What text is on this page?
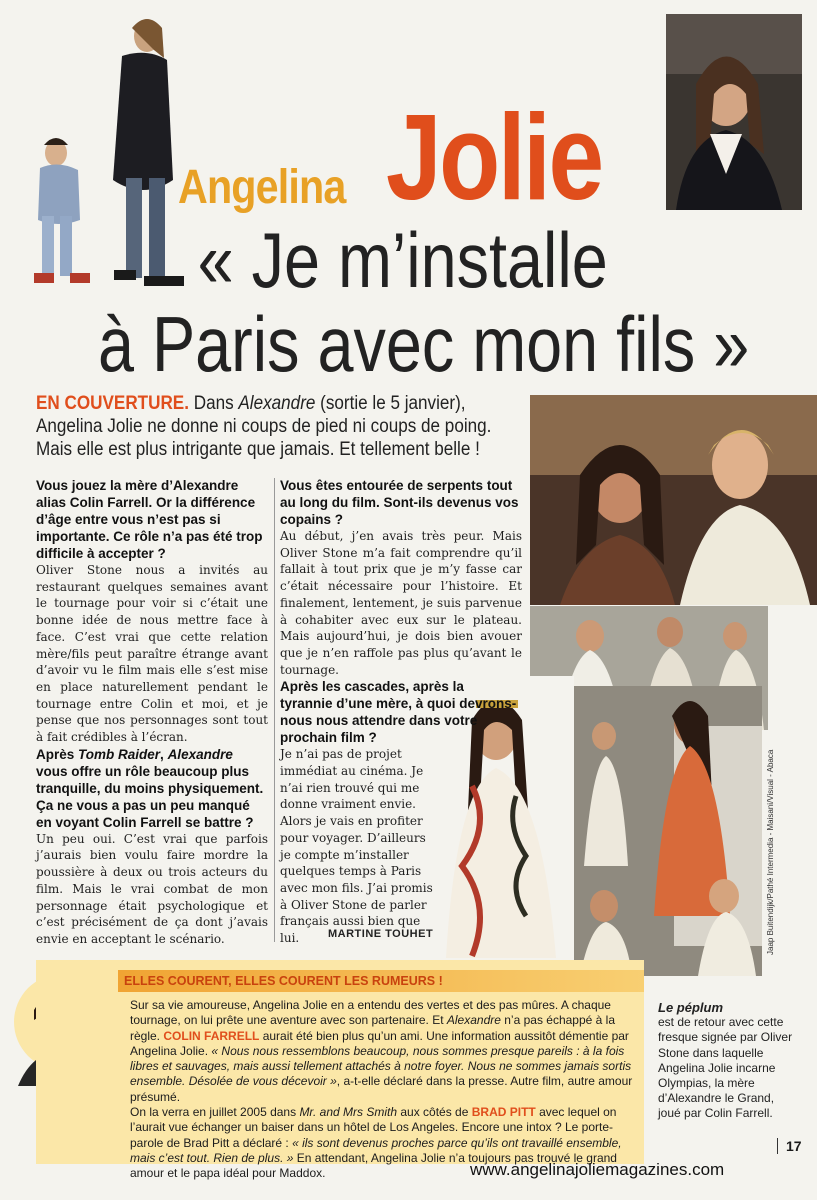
Angelina Jolie
« Je m’installe
à Paris avec mon fils »
EN COUVERTURE. Dans Alexandre (sortie le 5 janvier), Angelina Jolie ne donne ni coups de pied ni coups de poing. Mais elle est plus intrigante que jamais. Et tellement belle !

Vous jouez la mère d’Alexandre alias Colin Farrell. Or la différence d’âge entre vous n’est pas si importante. Ce rôle n’a pas été trop difficile à accepter ?

Oliver Stone nous a invités au restaurant quelques semaines avant le tournage pour voir si c’était une bonne idée de nous mettre face à face. C’est vrai que cette relation mère/fils peut paraître étrange avant d’avoir vu le film mais elle s’est mise en place naturellement pendant le tournage entre Colin et moi, et je pense que nos personnages sont tout à fait crédibles à l’écran.

Après Tomb Raider, Alexandre vous offre un rôle beaucoup plus tranquille, du moins physiquement. Ça ne vous a pas un peu manqué en voyant Colin Farrell se battre ?

Un peu oui. C’est vrai que parfois j’aurais bien voulu faire mordre la poussière à deux ou trois acteurs du film. Mais le vrai combat de mon personnage était psychologique et c’est précisément de ça dont j’avais envie en acceptant le scénario.

Vous êtes entourée de serpents tout au long du film. Sont-ils devenus vos copains ?

Au début, j’en avais très peur. Mais Oliver Stone m’a fait comprendre qu’il fallait à tout prix que je m’y fasse car c’était nécessaire pour l’histoire. Et finalement, lentement, je suis parvenue à cohabiter avec eux sur le plateau. Mais aujourd’hui, je dois bien avouer que je n’en raffole pas plus qu’avant le tournage.

Après les cascades, après la tyrannie d’une mère, à quoi devrons-nous nous attendre dans votre prochain film ?

Je n’ai pas de projet immédiat au cinéma. Je n’ai rien trouvé qui me donne vraiment envie. Alors je vais en profiter pour voyager. D’ailleurs je compte m’installer quelques temps à Paris avec mon fils. J’ai promis à Oliver Stone de parler français aussi bien que lui.	MARTINE TOUHET	Jaap Buitendijk/Pathé Intermedia - Maisani/Visual - Abaca
ELLES COURENT, ELLES COURENT LES RUMEURS !
Sur sa vie amoureuse, Angelina Jolie en a entendu des vertes et des pas mûres. A chaque tournage, on lui prête une aventure avec son partenaire. Et Alexandre n’a pas échappé à la règle. COLIN FARRELL aurait été bien plus qu’un ami. Une information aussitôt démentie par Angelina Jolie. « Nous nous ressemblons beaucoup, nous sommes presque pareils : à la fois libres et sauvages, mais aussi tellement attachés à notre foyer. Nous ne sommes jamais sortis ensemble. Désolée de vous décevoir », a-t-elle déclaré dans la presse. Autre film, autre amour présumé.
On la verra en juillet 2005 dans Mr. and Mrs Smith aux côtés de BRAD PITT avec lequel on l’aurait vue échanger un baiser dans un hôtel de Los Angeles. Encore une intox ? Le porte-parole de Brad Pitt a déclaré : « ils sont devenus proches parce qu’ils ont travaillé ensemble, mais c’est tout. Rien de plus. » En attendant, Angelina Jolie n’a toujours pas trouvé le grand amour et le papa idéal pour Maddox.
Le péplum
est de retour avec cette fresque signée par Oliver Stone dans laquelle Angelina Jolie incarne Olympias, la mère d’Alexandre le Grand, joué par Colin Farrell.
17
www.angelinajoliemagazines.com
